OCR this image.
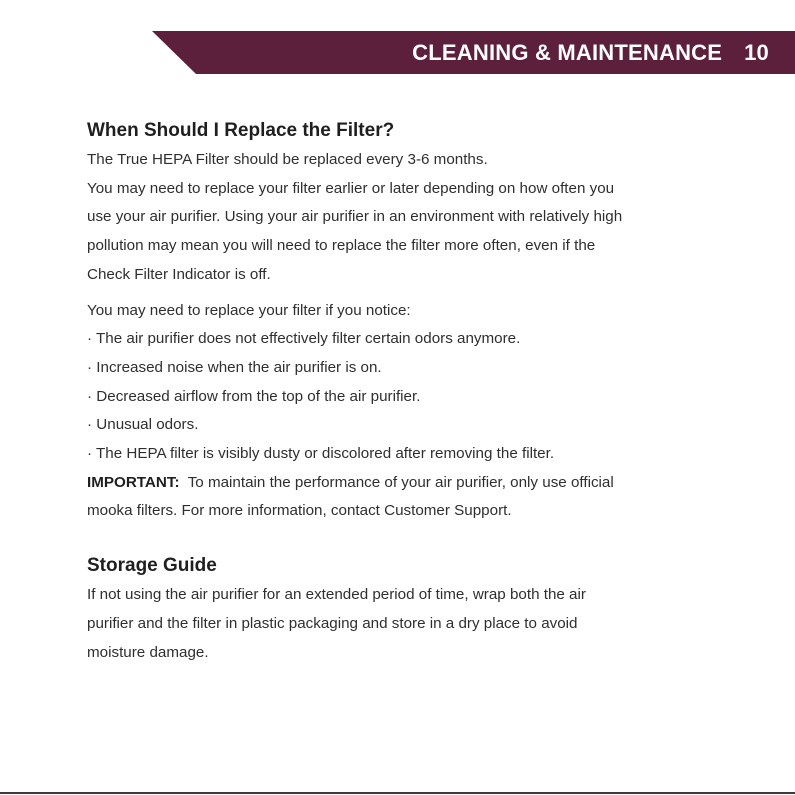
CLEANING & MAINTENANCE 10
When Should I Replace the Filter?

The True HEPA Filter should be replaced every 3-6 months.

You may need to replace your filter earlier or later depending on how often you

use your air purifier. Using your air purifier in an environment with relatively high

pollution may mean you will need to replace the filter more often, even if the

Check Filter Indicator is off.

You may need to replace your filter if you notice:

· The air purifier does not effectively filter certain odors anymore.

· Increased noise when the air purifier is on.

· Decreased airflow from the top of the air purifier.

· Unusual odors.

· The HEPA filter is visibly dusty or discolored after removing the filter.

IMPORTANT: To maintain the performance of your air purifier, only use official

mooka filters. For more information, contact Customer Support.

Storage Guide

If not using the air purifier for an extended period of time, wrap both the air

purifier and the filter in plastic packaging and store in a dry place to avoid

moisture damage.
